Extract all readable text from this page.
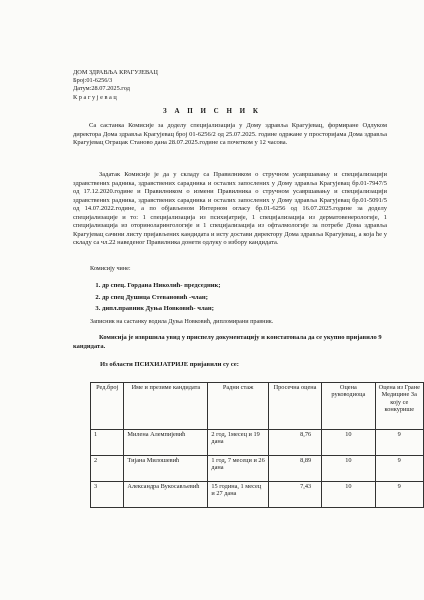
ДОМ ЗДРАВЉА КРАГУЈЕВАЦ
Број:01-6256/3
Датум:28.07.2025.год
К р а г у ј е в а ц
З А П И С Н И К
Са састанка Комисије за доделу специјализација у Дому здравља Крагујевац, формиране Одлуком директора Дома здравља Крагујевац број 01-6256/2 од 25.07.2025. године одржане у просторијама Дома здравља Крагујевац Ограцак Станово дана 28.07.2025.године са почетком у 12 часова.
Задатак Комисије је да у складу са Правилником о стручном усавршавању и специјализацији здравствених радника, здравствених сарадника и осталих запослених у Дому здравља Крагујевац бр.01-7947/5 од 17.12.2020.године и Правилником о измени Правилника о стручном усавршавању и специјализацији здравствених радника, здравствених сарадника и осталих запослених у Дому здравља Крагујевац бр.01-5091/5 од 14.07.2022.године, а по објављеном Интерном огласу бр.01-6256 од 16.07.2025.године за доделу специјализације и то: 1 специјализација из психијатрије, 1 специјализација из дерматовенерологије, 1 специјализација из оториноларингологије и 1 специјализација из офталмологије за потребе Дома здравља Крагујевац сачини листу пријављених кандидата и исту достави директору Дома здравља Крагујевац, а која ће у складу са чл.22 наведеног Правилника донети одлуку о избору кандидата.
Комисију чине:
1. др спец. Гордана Николић- председник;
2. др спец Душица Стевановић -члан;
3. дипл.правник Дуња Новковић- члан;
Записник на састанку водила Дуња Новковић, дипломирани правник.
Комисија је извршила увид у приспелу документацију и констатовала да се укупно пријавило 9 кандидата.
Из области ПСИХИЈАТРИЈЕ пријавили су се:
Ред.број	Име и презиме кандидата	Радни стаж	Просечна оцена	Оцена руководиоца	Оцена из Гране Медицине За коју се конкурише
1	Милена Алемпијевић	2 год, 1месец и 19 дана	8,76	10	9
2	Тијана Милошевић	1 год, 7 месеци и 26 дана	8,89	10	9
3	Александра Вукосављевић	15 година, 1 месец и 27 дана	7,43	10	9
